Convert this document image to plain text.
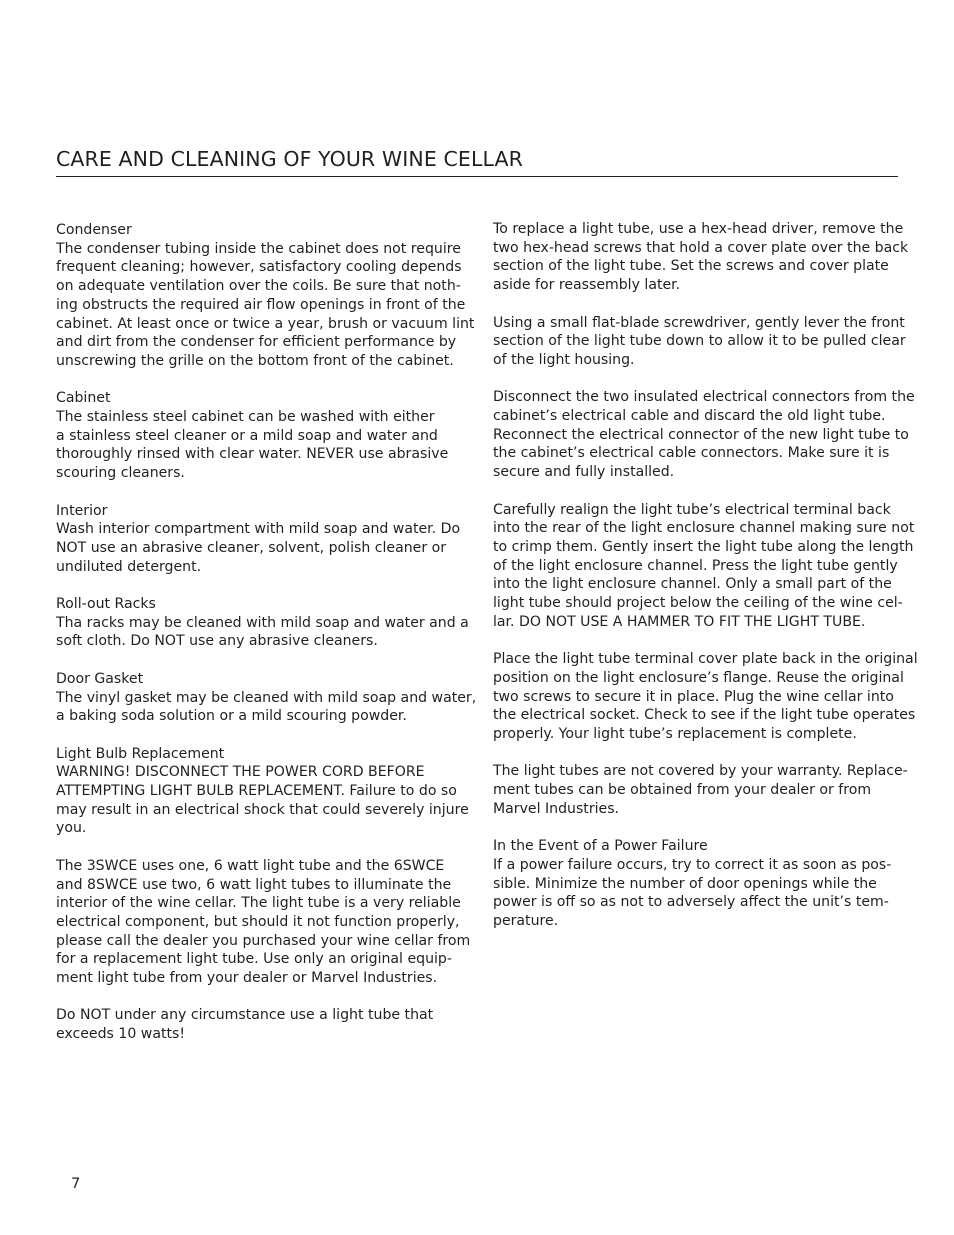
CARE AND CLEANING OF YOUR WINE CELLAR
Condenser
The condenser tubing inside the cabinet does not require
frequent cleaning; however, satisfactory cooling depends
on adequate ventilation over the coils. Be sure that noth-
ing obstructs the required air flow openings in front of the
cabinet. At least once or twice a year, brush or vacuum lint
and dirt from the condenser for efficient performance by
unscrewing the grille on the bottom front of the cabinet.
Cabinet
The stainless steel cabinet can be washed with either
a stainless steel cleaner or a mild soap and water and
thoroughly rinsed with clear water. NEVER use abrasive
scouring cleaners.
Interior
Wash interior compartment with mild soap and water. Do
NOT use an abrasive cleaner, solvent, polish cleaner or
undiluted detergent.
Roll-out Racks
Tha racks may be cleaned with mild soap and water and a
soft cloth. Do NOT use any abrasive cleaners.
Door Gasket
The vinyl gasket may be cleaned with mild soap and water,
a baking soda solution or a mild scouring powder.
Light Bulb Replacement
WARNING! DISCONNECT THE POWER CORD BEFORE
ATTEMPTING LIGHT BULB REPLACEMENT. Failure to do so
may result in an electrical shock that could severely injure
you.
The 3SWCE uses one, 6 watt light tube and the 6SWCE
and 8SWCE use two, 6 watt light tubes to illuminate the
interior of the wine cellar. The light tube is a very reliable
electrical component, but should it not function properly,
please call the dealer you purchased your wine cellar from
for a replacement light tube. Use only an original equip-
ment light tube from your dealer or Marvel Industries.
Do NOT under any circumstance use a light tube that
exceeds 10 watts!
To replace a light tube, use a hex-head driver, remove the
two hex-head screws that hold a cover plate over the back
section of the light tube. Set the screws and cover plate
aside for reassembly later.
Using a small flat-blade screwdriver, gently lever the front
section of the light tube down to allow it to be pulled clear
of the light housing.
Disconnect the two insulated electrical connectors from the
cabinet’s electrical cable and discard the old light tube.
Reconnect the electrical connector of the new light tube to
the cabinet’s electrical cable connectors. Make sure it is
secure and fully installed.
Carefully realign the light tube’s electrical terminal back
into the rear of the light enclosure channel making sure not
to crimp them. Gently insert the light tube along the length
of the light enclosure channel. Press the light tube gently
into the light enclosure channel. Only a small part of the
light tube should project below the ceiling of the wine cel-
lar. DO NOT USE A HAMMER TO FIT THE LIGHT TUBE.
Place the light tube terminal cover plate back in the original
position on the light enclosure’s flange. Reuse the original
two screws to secure it in place. Plug the wine cellar into
the electrical socket. Check to see if the light tube operates
properly. Your light tube’s replacement is complete.
The light tubes are not covered by your warranty. Replace-
ment tubes can be obtained from your dealer or from
Marvel Industries.
In the Event of a Power Failure
If a power failure occurs, try to correct it as soon as pos-
sible. Minimize the number of door openings while the
power is off so as not to adversely affect the unit’s tem-
perature.
7
